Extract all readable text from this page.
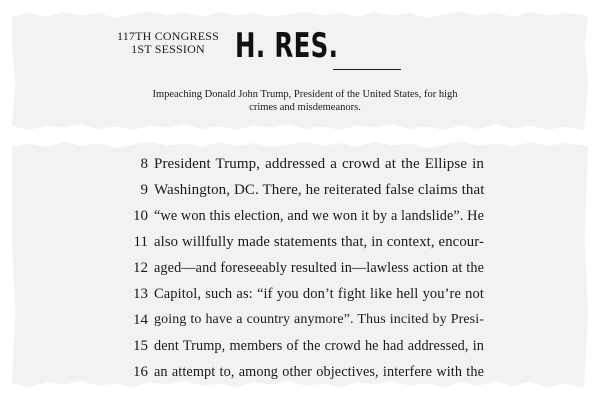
117TH CONGRESS
1ST SESSION H. RES.
Impeaching Donald John Trump, President of the United States, for high
crimes and misdemeanors.
8 President Trump, addressed a crowd at the Ellipse in
9 Washington, DC. There, he reiterated false claims that
10 “we won this election, and we won it by a landslide”. He
11 also willfully made statements that, in context, encour-
12 aged—and foreseeably resulted in—lawless action at the
13 Capitol, such as: “if you don’t fight like hell you’re not
14 going to have a country anymore”. Thus incited by Presi-
15 dent Trump, members of the crowd he had addressed, in
16 an attempt to, among other objectives, interfere with the
